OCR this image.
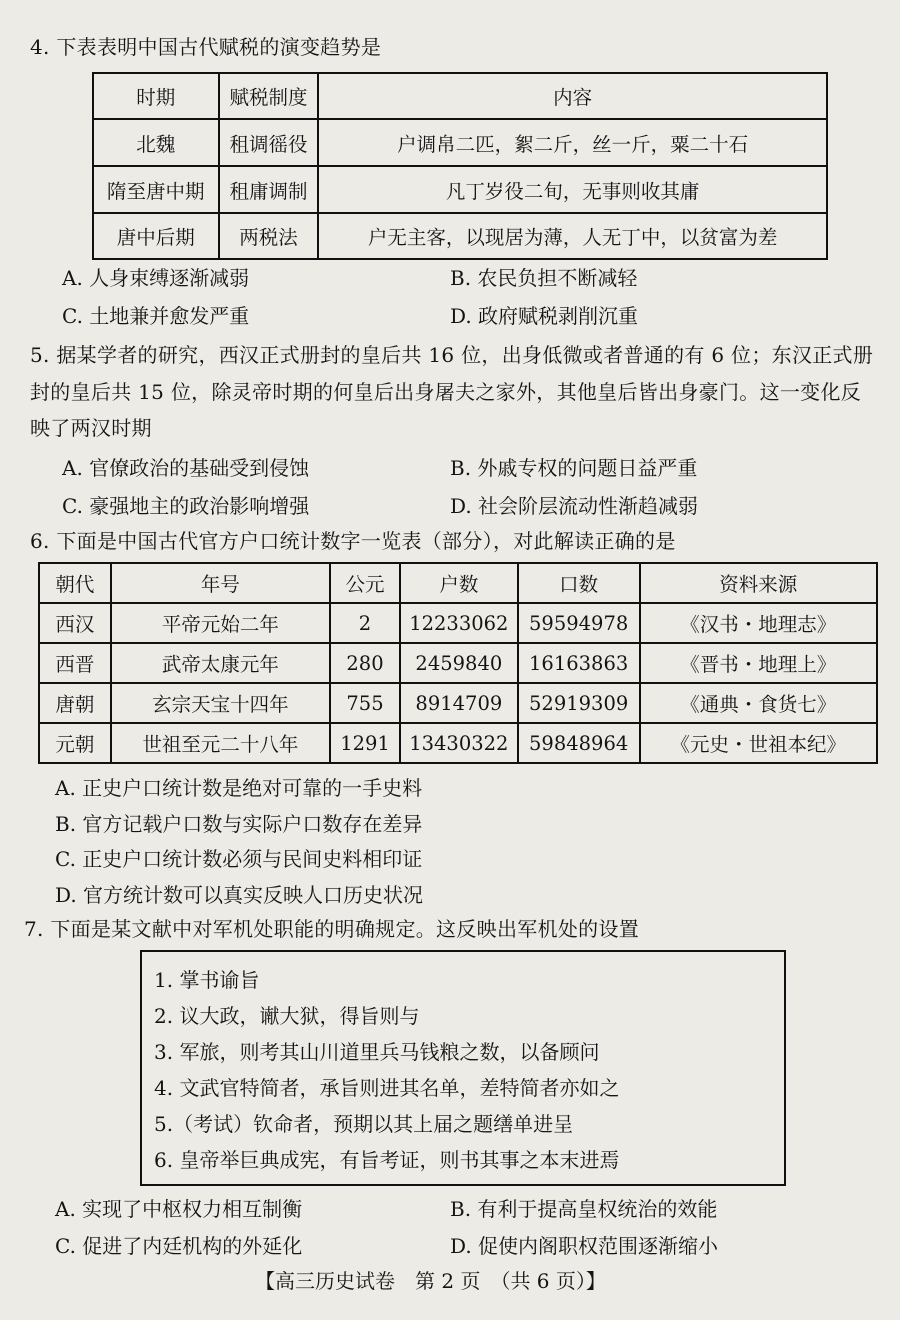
4. 下表表明中国古代赋税的演变趋势是
时期	赋税制度	内容
北魏	租调徭役	户调帛二匹，絮二斤，丝一斤，粟二十石
隋至唐中期	租庸调制	凡丁岁役二旬，无事则收其庸
唐中后期	两税法	户无主客，以现居为薄，人无丁中，以贫富为差
A. 人身束缚逐渐减弱	B. 农民负担不断减轻
C. 土地兼并愈发严重	D. 政府赋税剥削沉重
5. 据某学者的研究，西汉正式册封的皇后共 16 位，出身低微或者普通的有 6 位；东汉正式册
封的皇后共 15 位，除灵帝时期的何皇后出身屠夫之家外，其他皇后皆出身豪门。这一变化反
映了两汉时期
A. 官僚政治的基础受到侵蚀	B. 外戚专权的问题日益严重
C. 豪强地主的政治影响增强	D. 社会阶层流动性渐趋减弱
6. 下面是中国古代官方户口统计数字一览表（部分），对此解读正确的是
朝代	年号	公元	户数	口数	资料来源
西汉	平帝元始二年	2	12233062	59594978	《汉书・地理志》
西晋	武帝太康元年	280	2459840	16163863	《晋书・地理上》
唐朝	玄宗天宝十四年	755	8914709	52919309	《通典・食货七》
元朝	世祖至元二十八年	1291	13430322	59848964	《元史・世祖本纪》
A. 正史户口统计数是绝对可靠的一手史料
B. 官方记载户口数与实际户口数存在差异
C. 正史户口统计数必须与民间史料相印证
D. 官方统计数可以真实反映人口历史状况
7. 下面是某文献中对军机处职能的明确规定。这反映出军机处的设置
1. 掌书谕旨
2. 议大政，谳大狱，得旨则与
3. 军旅，则考其山川道里兵马钱粮之数，以备顾问
4. 文武官特简者，承旨则进其名单，差特简者亦如之
5.（考试）钦命者，预期以其上届之题缮单进呈
6. 皇帝举巨典成宪，有旨考证，则书其事之本末进焉
A. 实现了中枢权力相互制衡	B. 有利于提高皇权统治的效能
C. 促进了内廷机构的外延化	D. 促使内阁职权范围逐渐缩小
【高三历史试卷　第 2 页　（共 6 页）】
